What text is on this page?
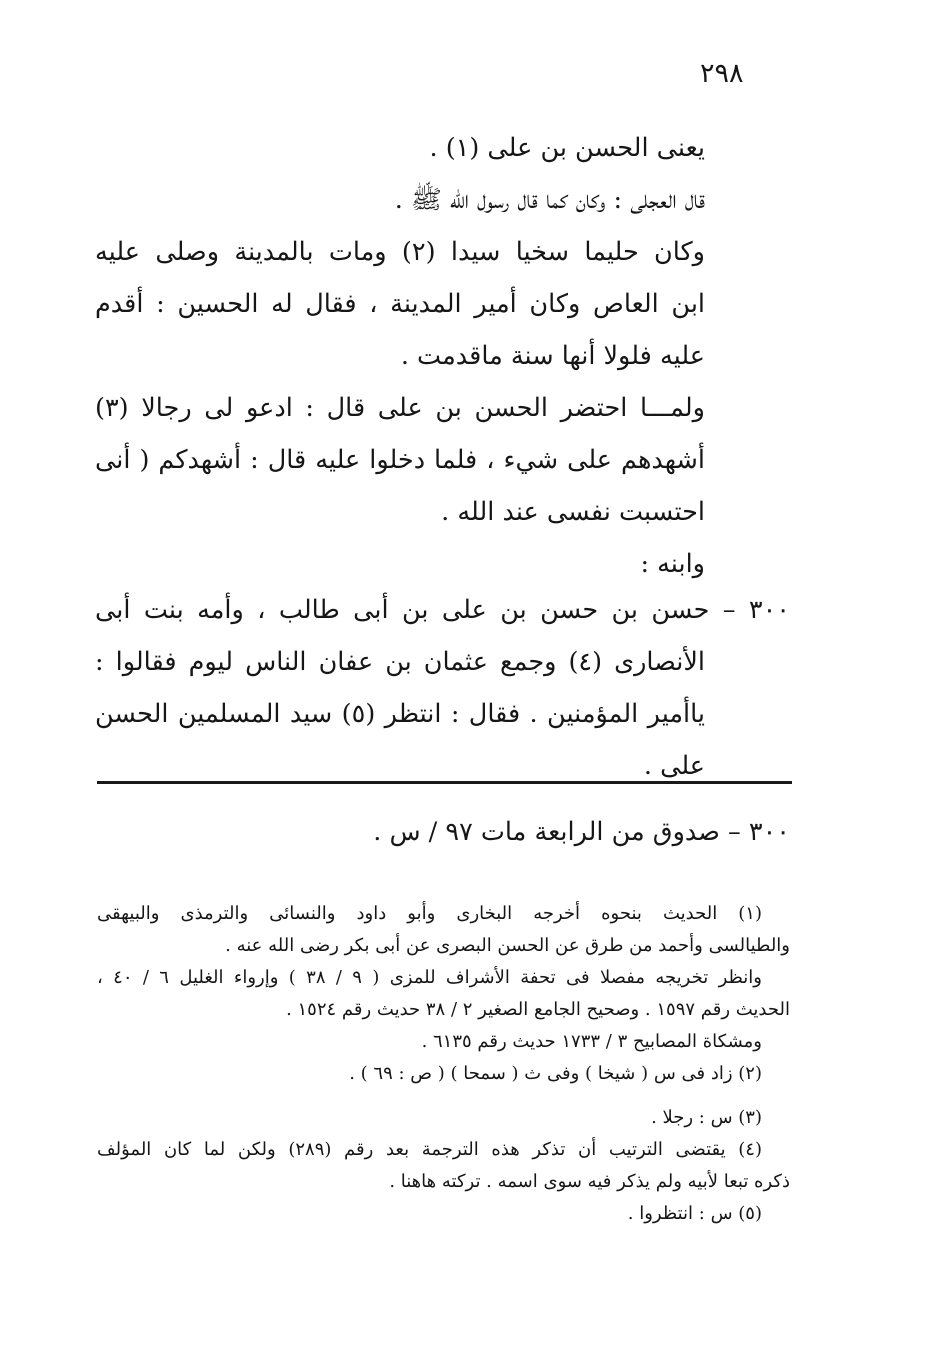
٢٩٨
يعنى الحسن بن على (١) .
قال العجلى : وكان كما قال رسول الله ﷺ .
وكان حليما سخيا سيدا (٢) ومات بالمدينة وصلى عليه
ابن العاص وكان أمير المدينة ، فقال له الحسين : أقدم
عليه فلولا أنها سنة ماقدمت .
ولمـــا احتضر الحسن بن على قال : ادعو لى رجالا (٣)
أشهدهم على شيء ، فلما دخلوا عليه قال : أشهدكم ( أنى
احتسبت نفسى عند الله .
وابنه :
٣٠٠ – حسن بن حسن بن على بن أبى طالب ، وأمه بنت أبى
الأنصارى (٤) وجمع عثمان بن عفان الناس ليوم فقالوا :
ياأمير المؤمنين . فقال : انتظر (٥) سيد المسلمين الحسن
على .
٣٠٠ – صدوق من الرابعة مات ٩٧ / س .
(١) الحديث بنحوه أخرجه البخارى وأبو داود والنسائى والترمذى والبيهقى
والطيالسى وأحمد من طرق عن الحسن البصرى عن أبى بكر رضى الله عنه .
وانظر تخريجه مفصلا فى تحفة الأشراف للمزى ( ٩ / ٣٨ ) وإرواء الغليل ٦ / ٤٠ ،
الحديث رقم ١٥٩٧ . وصحيح الجامع الصغير ٢ / ٣٨ حديث رقم ١٥٢٤ .
ومشكاة المصابيح ٣ / ١٧٣٣ حديث رقم ٦١٣٥ .
(٢) زاد فى س ( شيخا ) وفى ث ( سمحا ) ( ص : ٦٩ ) .
(٣) س : رجلا .
(٤) يقتضى الترتيب أن تذكر هذه الترجمة بعد رقم (٢٨٩) ولكن لما كان المؤلف
ذكره تبعا لأبيه ولم يذكر فيه سوى اسمه . تركته هاهنا .
(٥) س : انتظروا .
